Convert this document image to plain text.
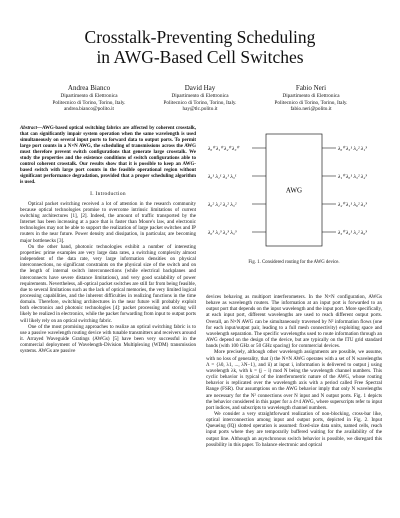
Crosstalk-Preventing Scheduling
in AWG-Based Cell Switches
Andrea Bianco
Dipartimento di Elettronica
Politecnico di Torino, Torino, Italy.
andrea.bianco@polito.it
David Hay
Dipartimento di Elettronica
Politecnico di Torino, Torino, Italy.
hay@tlc.polito.it
Fabio Neri
Dipartimento di Elettronica
Politecnico di Torino, Torino, Italy.
fabio.neri@polito.it
Abstract—AWG-based optical switching fabrics are affected by coherent crosstalk, that can significantly impair system operation when the same wavelength is used simultaneously on several input ports to forward data to output ports. To permit large port counts in a N×N AWG, the scheduling of transmissions across the AWG must therefore prevent switch configurations that generate large crosstalk. We study the properties and the existence conditions of switch configurations able to control coherent crosstalk. Our results show that it is possible to keep an AWG-based switch with large port counts in the feasible operational region without significant performance degradation, provided that a proper scheduling algorithm is used.
I. Introduction

Optical packet switching received a lot of attention in the research community because optical technologies promise to overcome intrinsic limitations of current switching architectures [1], [2]. Indeed, the amount of traffic transported by the Internet has been increasing at a pace that is faster than Moore's law, and electronic technologies may not be able to support the realization of large packet switches and IP routers in the near future. Power density and dissipation, in particular, are becoming major bottlenecks [3].

On the other hand, photonic technologies exhibit a number of interesting properties: prime examples are very large data rates, a switching complexity almost independent of the data rate, very large information densities on physical interconnections, no significant constraints on the physical size of the switch and on the length of internal switch interconnections (while electrical backplanes and interconnects have severe distance limitations), and very good scalability of power requirements. Nevertheless, all-optical packet switches are still far from being feasible, due to several limitations such as the lack of optical memories, the very limited logical processing capabilities, and the inherent difficulties in realizing functions in the time domain. Therefore, switching architectures in the near future will probably exploit both electronics and photonic technologies [4]: packet processing and storing will likely be realized in electronics, while the packet forwarding from input to output ports will likely rely on an optical switching fabric.

One of the most promising approaches to realize an optical switching fabric is to use a passive wavelength routing device with tunable transmitters and receivers around it. Arrayed Waveguide Gratings (AWGs) [5] have been very successful in the commercial deployment of Wavelength-Division Multiplexing (WDM) transmission systems. AWGs are passive

AWG
λ₀⁰ λ₁⁰ λ₂⁰ λ₃⁰	λ₀⁰ λ₃¹ λ₂² λ₁³
λ₀¹ λ₁¹ λ₂¹ λ₃¹	λ₁⁰ λ₀¹ λ₃² λ₂³
λ₀² λ₁² λ₂² λ₃²	λ₂⁰ λ₁¹ λ₀² λ₃³
λ₀³ λ₁³ λ₂³ λ₃³	λ₃⁰ λ₂¹ λ₁² λ₀³
Fig. 1. Considered routing for the AWG device.

devices behaving as multiport interferometers. In the N×N configuration, AWGs behave as wavelength routers. The information at an input port is forwarded to an output port that depends on the input wavelength and the input port. More specifically, at each input port, different wavelengths are used to reach different output ports. Overall, an N×N AWG can be simultaneously traversed by N² information flows (one for each input/output pair, leading to a full mesh connectivity) exploiting space and wavelength separation. The specific wavelengths used to route information through an AWG depend on the design of the device, but are typically on the ITU grid standard bands (with 100 GHz or 50 GHz spacing) for commercial devices.

More precisely, although other wavelength assignments are possible, we assume, with no loss of generality, that i) the N×N AWG operates with a set of N wavelengths Λ = {λ0, λ1, ..., λN−1}, and ii) at input i, information is delivered to output j using wavelength λk, with k = (j − i) mod N being the wavelength channel numbers. This cyclic behavior is typical of the interferometric nature of the AWG, whose routing behavior is replicated over the wavelength axis with a period called Free Spectral Range (FSR). Our assumptions on the AWG behavior imply that only N wavelengths are necessary for the N² connections over N input and N output ports. Fig. 1 depicts the behavior considered in this paper for a 4×4 AWG, where superscripts refer to input port indices, and subscripts to wavelength channel numbers.

We consider a very straightforward realization of non-blocking, cross-bar like, optical interconnection among input and output ports, depicted in Fig. 2. Input Queueing (IQ) slotted operation is assumed: fixed-size data units, named cells, reach input ports where they are temporarily buffered waiting for the availability of the output line. Although an asynchronous switch behavior is possible, we disregard this possibility in this paper. To balance electronic and optical
